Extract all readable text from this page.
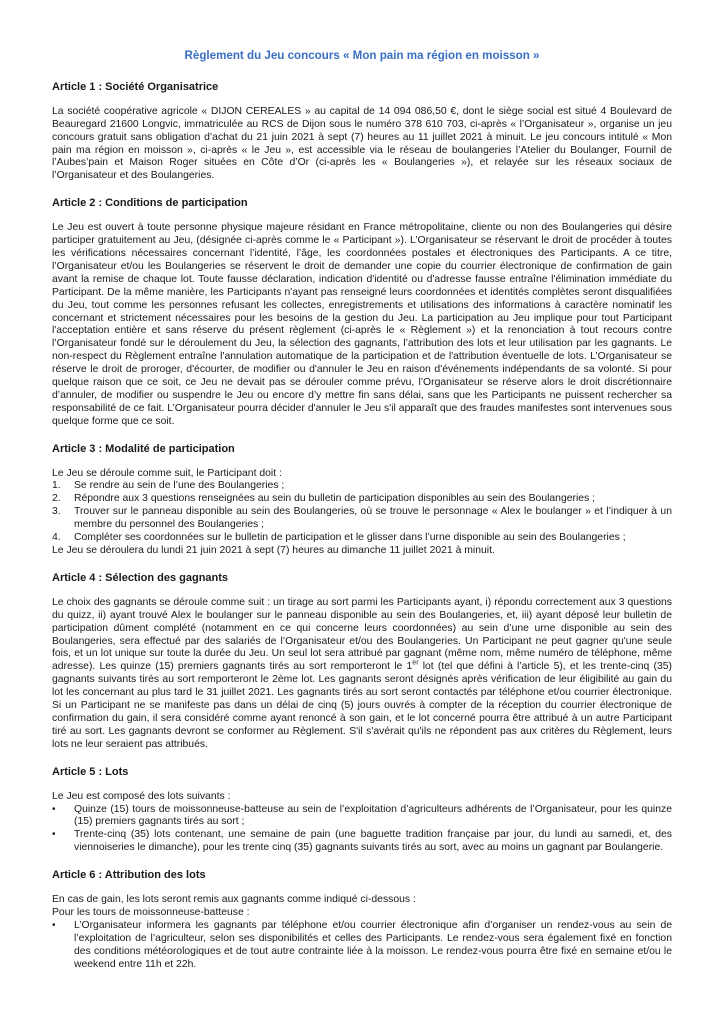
Règlement du Jeu concours « Mon pain ma région en moisson »
Article 1 : Société Organisatrice
La société coopérative agricole « DIJON CEREALES » au capital de 14 094 086,50 €, dont le siège social est situé 4 Boulevard de Beauregard 21600 Longvic, immatriculée au RCS de Dijon sous le numéro 378 610 703, ci-après « l’Organisateur », organise un jeu concours gratuit sans obligation d’achat du 21 juin 2021 à sept (7) heures au 11 juillet 2021 à minuit. Le jeu concours intitulé « Mon pain ma région en moisson », ci-après « le Jeu », est accessible via le réseau de boulangeries l’Atelier du Boulanger, Fournil de l’Aubes’pain et Maison Roger situées en Côte d’Or (ci-après les « Boulangeries »), et relayée sur les réseaux sociaux de l’Organisateur et des Boulangeries.
Article 2 : Conditions de participation
Le Jeu est ouvert à toute personne physique majeure résidant en France métropolitaine, cliente ou non des Boulangeries qui désire participer gratuitement au Jeu, (désignée ci-après comme le « Participant »). L’Organisateur se réservant le droit de procéder à toutes les vérifications nécessaires concernant l’identité, l’âge, les coordonnées postales et électroniques des Participants. A ce titre, l’Organisateur et/ou les Boulangeries se réservent le droit de demander une copie du courrier électronique de confirmation de gain avant la remise de chaque lot. Toute fausse déclaration, indication d'identité ou d'adresse fausse entraîne l'élimination immédiate du Participant. De la même manière, les Participants n'ayant pas renseigné leurs coordonnées et identités complètes seront disqualifiées du Jeu, tout comme les personnes refusant les collectes, enregistrements et utilisations des informations à caractère nominatif les concernant et strictement nécessaires pour les besoins de la gestion du Jeu. La participation au Jeu implique pour tout Participant l'acceptation entière et sans réserve du présent règlement (ci-après le « Règlement ») et la renonciation à tout recours contre l’Organisateur fondé sur le déroulement du Jeu, la sélection des gagnants, l’attribution des lots et leur utilisation par les gagnants. Le non-respect du Règlement entraîne l'annulation automatique de la participation et de l'attribution éventuelle de lots. L’Organisateur se réserve le droit de proroger, d'écourter, de modifier ou d'annuler le Jeu en raison d'événements indépendants de sa volonté. Si pour quelque raison que ce soit, ce Jeu ne devait pas se dérouler comme prévu, l’Organisateur se réserve alors le droit discrétionnaire d’annuler, de modifier ou suspendre le Jeu ou encore d’y mettre fin sans délai, sans que les Participants ne puissent rechercher sa responsabilité de ce fait. L’Organisateur pourra décider d'annuler le Jeu s'il apparaît que des fraudes manifestes sont intervenues sous quelque forme que ce soit.
Article 3 : Modalité de participation
Le Jeu se déroule comme suit, le Participant doit :
1.	Se rendre au sein de l’une des Boulangeries ;
2.	Répondre aux 3 questions renseignées au sein du bulletin de participation disponibles au sein des Boulangeries ;
3.	Trouver sur le panneau disponible au sein des Boulangeries, où se trouve le personnage « Alex le boulanger » et l’indiquer à un membre du personnel des Boulangeries ;
4.	Compléter ses coordonnées sur le bulletin de participation et le glisser dans l’urne disponible au sein des Boulangeries ;
Le Jeu se déroulera du lundi 21 juin 2021 à sept (7) heures au dimanche 11 juillet 2021 à minuit.
Article 4 : Sélection des gagnants
Le choix des gagnants se déroule comme suit : un tirage au sort parmi les Participants ayant, i) répondu correctement aux 3 questions du quizz, ii) ayant trouvé Alex le boulanger sur le panneau disponible au sein des Boulangeries, et, iii) ayant déposé leur bulletin de participation dûment complété (notamment en ce qui concerne leurs coordonnées) au sein d’une urne disponible au sein des Boulangeries, sera effectué par des salariés de l’Organisateur et/ou des Boulangeries. Un Participant ne peut gagner qu'une seule fois, et un lot unique sur toute la durée du Jeu. Un seul lot sera attribué par gagnant (même nom, même numéro de téléphone, même adresse). Les quinze (15) premiers gagnants tirés au sort remporteront le 1er lot (tel que défini à l’article 5), et les trente-cinq (35) gagnants suivants tirés au sort remporteront le 2ème lot. Les gagnants seront désignés après vérification de leur éligibilité au gain du lot les concernant au plus tard le 31 juillet 2021. Les gagnants tirés au sort seront contactés par téléphone et/ou courrier électronique. Si un Participant ne se manifeste pas dans un délai de cinq (5) jours ouvrés à compter de la réception du courrier électronique de confirmation du gain, il sera considéré comme ayant renoncé à son gain, et le lot concerné pourra être attribué à un autre Participant tiré au sort. Les gagnants devront se conformer au Règlement. S'il s'avérait qu'ils ne répondent pas aux critères du Règlement, leurs lots ne leur seraient pas attribués.
Article 5 : Lots
Le Jeu est composé des lots suivants :
•	Quinze (15) tours de moissonneuse-batteuse au sein de l’exploitation d’agriculteurs adhérents de l’Organisateur, pour les quinze (15) premiers gagnants tirés au sort ;
•	Trente-cinq (35) lots contenant, une semaine de pain (une baguette tradition française par jour, du lundi au samedi, et, des viennoiseries le dimanche), pour les trente cinq (35) gagnants suivants tirés au sort, avec au moins un gagnant par Boulangerie.
Article 6 : Attribution des lots
En cas de gain, les lots seront remis aux gagnants comme indiqué ci-dessous :
Pour les tours de moissonneuse-batteuse :
•	L’Organisateur informera les gagnants par téléphone et/ou courrier électronique afin d’organiser un rendez-vous au sein de l’exploitation de l’agriculteur, selon ses disponibilités et celles des Participants. Le rendez-vous sera également fixé en fonction des conditions météorologiques et de tout autre contrainte liée à la moisson. Le rendez-vous pourra être fixé en semaine et/ou le weekend entre 11h et 22h.
